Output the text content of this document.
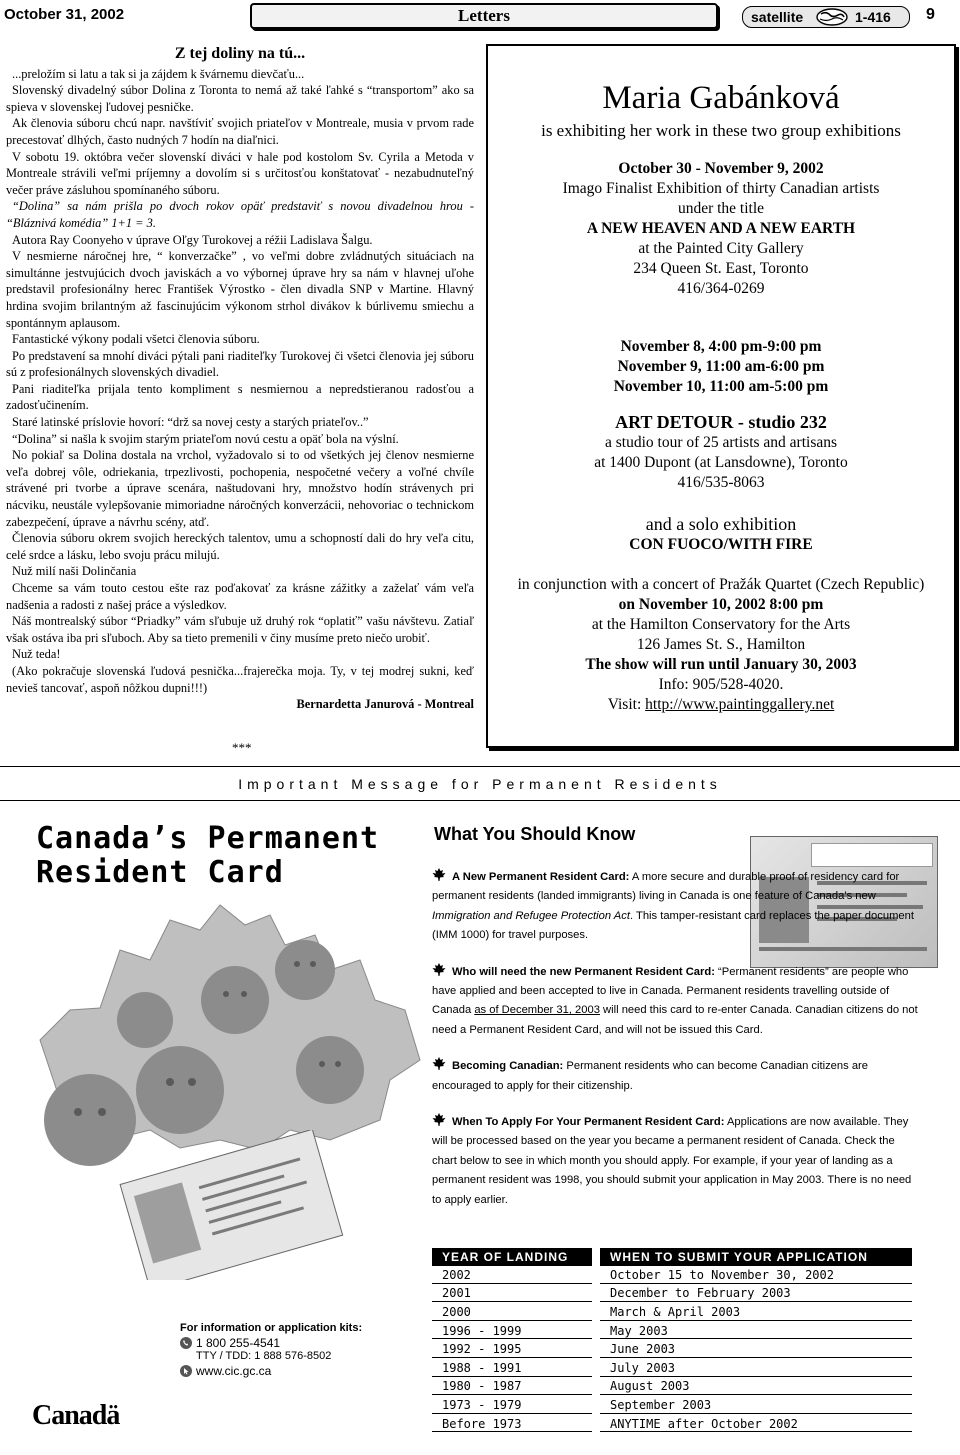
October 31, 2002	Letters	satellite	1-416 9
Z tej doliny na tú...

...preložím si latu a tak si ja zájdem k švárnemu dievčaťu...

Slovenský divadelný súbor Dolina z Toronta to nemá až také ľahké s “transportom” ako sa spieva v slovenskej ľudovej pesničke.

Ak členovia súboru chcú napr. navštíviť svojich priateľov v Montreale, musia v prvom rade precestovať dlhých, často nudných 7 hodín na diaľnici.

V sobotu 19. októbra večer slovenskí diváci v hale pod kostolom Sv. Cyrila a Metoda v Montreale strávili veľmi príjemny a dovolím si s určitosťou konštatovať - nezabudnuteľný večer práve zásluhou spomínaného súboru.

“Dolina” sa nám prišla po dvoch rokov opäť predstaviť s novou divadelnou hrou - “Bláznivá komédia” 1+1 = 3.

Autora Ray Coonyeho v úprave Oľgy Turokovej a réžii Ladislava Šalgu.

V nesmierne náročnej hre, “ konverzačke” , vo veľmi dobre zvládnutých situáciach na simultánne jestvujúcich dvoch javiskách a vo výbornej úprave hry sa nám v hlavnej uľohe predstavil profesionálny herec František Výrostko - člen divadla SNP v Martine. Hlavný hrdina svojim brilantným až fascinujúcim výkonom strhol divákov k búrlivemu smiechu a spontánnym aplausom.

Fantastické výkony podali všetci členovia súboru.

Po predstavení sa mnohí diváci pýtali pani riaditeľky Turokovej či všetci členovia jej súboru sú z profesionálnych slovenských divadiel.

Pani riaditeľka prijala tento kompliment s nesmiernou a nepredstieranou radosťou a zadosťučinením.

Staré latinské príslovie hovorí: “drž sa novej cesty a starých priateľov..”

“Dolina” si našla k svojim starým priateľom novú cestu a opäť bola na výslní.

No pokiaľ sa Dolina dostala na vrchol, vyžadovalo si to od všetkých jej členov nesmierne veľa dobrej vôle, odriekania, trpezlivosti, pochopenia, nespočetné večery a voľné chvíle strávené pri tvorbe a úprave scenára, naštudovani hry, množstvo hodín strávenych pri nácviku, neustále vylepšovanie mimoriadne náročných konverzácii, nehovoriac o technickom zabezpečení, úprave a návrhu scény, atď.

Členovia súboru okrem svojich hereckých talentov, umu a schopností dali do hry veľa citu, celé srdce a lásku, lebo svoju prácu milujú.

Nuž milí naši Dolinčania

Chceme sa vám touto cestou ešte raz poďakovať za krásne zážitky a zaželať vám veľa nadšenia a radosti z našej práce a výsledkov.

Náš montrealský súbor “Priadky” vám sľubuje už druhý rok “oplatiť” vašu návštevu. Zatiaľ však ostáva iba pri sľuboch. Aby sa tieto premenili v činy musíme preto niečo urobiť.

Nuž teda!

(Ako pokračuje slovenská ľudová pesnička...frajerečka moja. Ty, v tej modrej sukni, keď nevieš tancovať, aspoň nôžkou dupni!!!)

Bernardetta Janurová - Montreal

***
Maria Gabánková
is exhibiting her work in these two group exhibitions
October 30 - November 9, 2002
Imago Finalist Exhibition of thirty Canadian artists
under the title
A NEW HEAVEN AND A NEW EARTH
at the Painted City Gallery
234 Queen St. East, Toronto
416/364-0269
November 8, 4:00 pm-9:00 pm
November 9, 11:00 am-6:00 pm
November 10, 11:00 am-5:00 pm
ART DETOUR - studio 232
a studio tour of 25 artists and artisans
at 1400 Dupont (at Lansdowne), Toronto
416/535-8063
and a solo exhibition
CON FUOCO/WITH FIRE
in conjunction with a concert of Pražák Quartet (Czech Republic)
on November 10, 2002 8:00 pm
at the Hamilton Conservatory for the Arts
126 James St. S., Hamilton
The show will run until January 30, 2003
Info: 905/528-4020.
Visit: http://www.paintinggallery.net
Important Message for Permanent Residents
Canada’s Permanent
Resident Card
What You Should Know
A New Permanent Resident Card: A more secure and durable proof of residency card for permanent residents (landed immigrants) living in Canada is one feature of Canada’s new Immigration and Refugee Protection Act. This tamper-resistant card replaces the paper document (IMM 1000) for travel purposes.
Who will need the new Permanent Resident Card: “Permanent residents” are people who have applied and been accepted to live in Canada. Permanent residents travelling outside of Canada as of December 31, 2003 will need this card to re-enter Canada. Canadian citizens do not need a Permanent Resident Card, and will not be issued this Card.
Becoming Canadian: Permanent residents who can become Canadian citizens are encouraged to apply for their citizenship.
When To Apply For Your Permanent Resident Card: Applications are now available. They will be processed based on the year you became a permanent resident of Canada. Check the chart below to see in which month you should apply. For example, if your year of landing as a permanent resident was 1998, you should submit your application in May 2003. There is no need to apply earlier.
YEAR OF LANDING	WHEN TO SUBMIT YOUR APPLICATION
2002	October 15 to November 30, 2002
2001	December to February 2003
2000	March & April 2003
1996 - 1999	May 2003
1992 - 1995	June 2003
1988 - 1991	July 2003
1980 - 1987	August 2003
1973 - 1979	September 2003
Before 1973	ANYTIME after October 2002
For information or application kits:
1 800 255-4541
TTY / TDD: 1 888 576-8502
www.cic.gc.ca
Canadä
